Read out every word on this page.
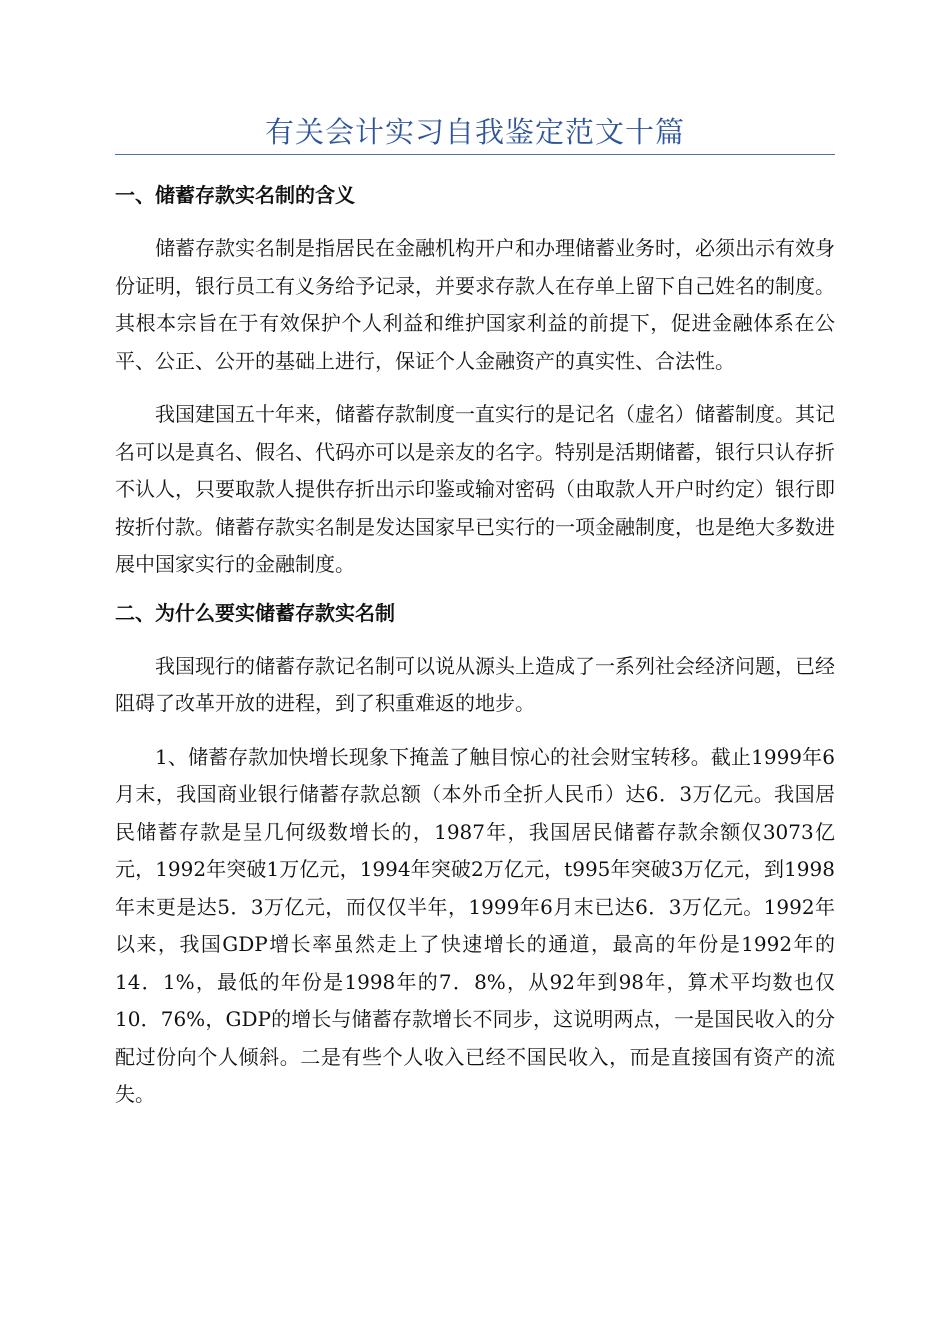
有关会计实习自我鉴定范文十篇
一、储蓄存款实名制的含义

储蓄存款实名制是指居民在金融机构开户和办理储蓄业务时，必须出示有效身份证明，银行员工有义务给予记录，并要求存款人在存单上留下自己姓名的制度。其根本宗旨在于有效保护个人利益和维护国家利益的前提下，促进金融体系在公平、公正、公开的基础上进行，保证个人金融资产的真实性、合法性。

我国建国五十年来，储蓄存款制度一直实行的是记名（虚名）储蓄制度。其记名可以是真名、假名、代码亦可以是亲友的名字。特别是活期储蓄，银行只认存折不认人，只要取款人提供存折出示印鉴或输对密码（由取款人开户时约定）银行即按折付款。储蓄存款实名制是发达国家早已实行的一项金融制度，也是绝大多数进展中国家实行的金融制度。

二、为什么要实储蓄存款实名制

我国现行的储蓄存款记名制可以说从源头上造成了一系列社会经济问题，已经阻碍了改革开放的进程，到了积重难返的地步。

1、储蓄存款加快增长现象下掩盖了触目惊心的社会财宝转移。截止1999年6月末，我国商业银行储蓄存款总额（本外币全折人民币）达6．3万亿元。我国居民储蓄存款是呈几何级数增长的，1987年，我国居民储蓄存款余额仅3073亿元，1992年突破1万亿元，1994年突破2万亿元，t995年突破3万亿元，到1998年末更是达5．3万亿元，而仅仅半年，1999年6月末已达6．3万亿元。1992年以来，我国GDP增长率虽然走上了快速增长的通道，最高的年份是1992年的14．1%，最低的年份是1998年的7．8%，从92年到98年，算术平均数也仅10．76%，GDP的增长与储蓄存款增长不同步，这说明两点，一是国民收入的分配过份向个人倾斜。二是有些个人收入已经不国民收入，而是直接国有资产的流失。
